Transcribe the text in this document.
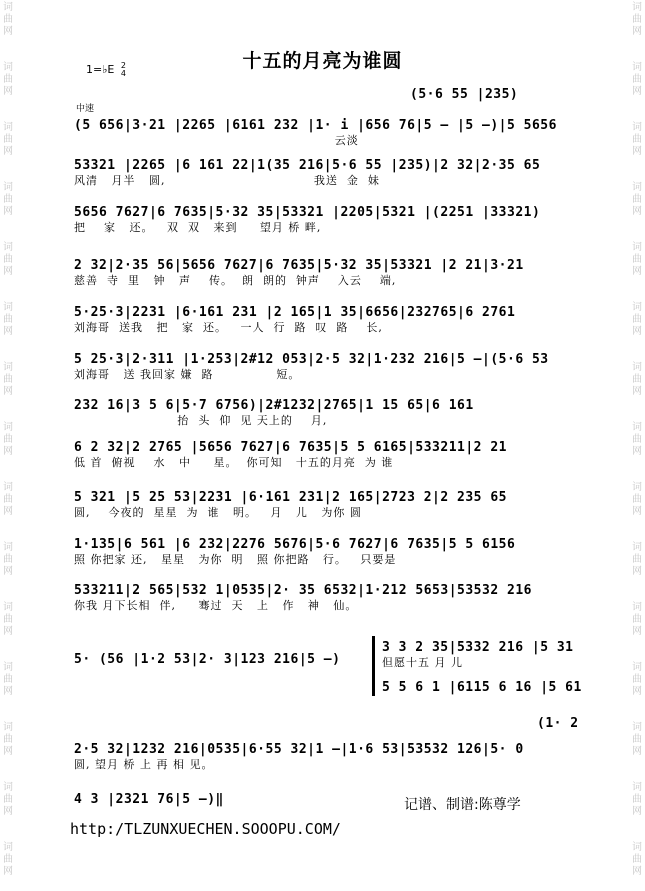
词
曲
网
词
曲
网
词
曲
网
词
曲
网
词
曲
网
词
曲
网
词
曲
网
词
曲
网
词
曲
网
词
曲
网
词
曲
网
词
曲
网
词
曲
网
词
曲
网
词
曲
网
词
曲
网
词
曲
网
词
曲
网
词
曲
网
词
曲
网
词
曲
网
词
曲
网
词
曲
网
词
曲
网
词
曲
网
词
曲
网
词
曲
网
词
曲
网
词
曲
网
词
曲
网
十五的月亮为谁圆
1=♭E 2
4
中速
(5·6 55 |235)
(5 656|3·21 |2265 |6161 232 |1· i |656 76|5 — |5 —)|5 5656
云淡
53321 |2265 |6 161 22|1(35 216|5·6 55 |235)|2 32|2·35 65
风清   月半   圆,                                 我送  金  妹
5656 7627|6 7635|5·32 35|53321 |2205|5321 |(2251 |33321)
把    家   还。   双  双   来到     望月 桥 畔,
2 32|2·35 56|5656 7627|6 7635|5·32 35|53321 |2 21|3·21
慈善  寺  里   钟   声    传。  朗  朗的  钟声    入云    端,
5·25·3|2231 |6·161 231 |2 165|1 35|6656|232765|6 2761
刘海哥  送我   把   家  还。   一人  行  路  叹  路    长,
5 25·3|2·311 |1·253|2#12 053|2·5 32|1·232 216|5 —|(5·6 53
刘海哥   送 我回家 嫌  路              短。
232 16|3 5 6|5·7 6756)|2#1232|2765|1 15 65|6 161
抬  头  仰  见 天上的    月,
6 2 32|2 2765 |5656 7627|6 7635|5 5 6165|533211|2 21
低 首  俯视    水   中     星。  你可知   十五的月亮  为 谁
5 321 |5 25 53|2231 |6·161 231|2 165|2723 2|2 235 65
圆,    今夜的  星星  为  谁   明。   月   儿   为你 圆
1·135|6 561 |6 232|2276 5676|5·6 7627|6 7635|5 5 6156
照 你把家 还,   星星   为你  明   照 你把路   行。   只要是
533211|2 565|532 1|0535|2· 35 6532|1·212 5653|53532 216
你我 月下长相  伴,     骞过  天   上   作   神   仙。
5· (56 |1·2 53|2· 3|123 216|5 —)
3 3 2 35|5332 216 |5 31
但愿十五 月 儿
5 5 6 1 |6115 6 16 |5 61
(1· 2
2·5 32|1232 216|0535|6·55 32|1 —|1·6 53|53532 126|5· 0
圆, 望月 桥 上 再 相 见。
4 3 |2321 76|5 —)‖	记谱、制谱:陈尊学
http:/TLZUNXUECHEN.SOOOPU.COM/
